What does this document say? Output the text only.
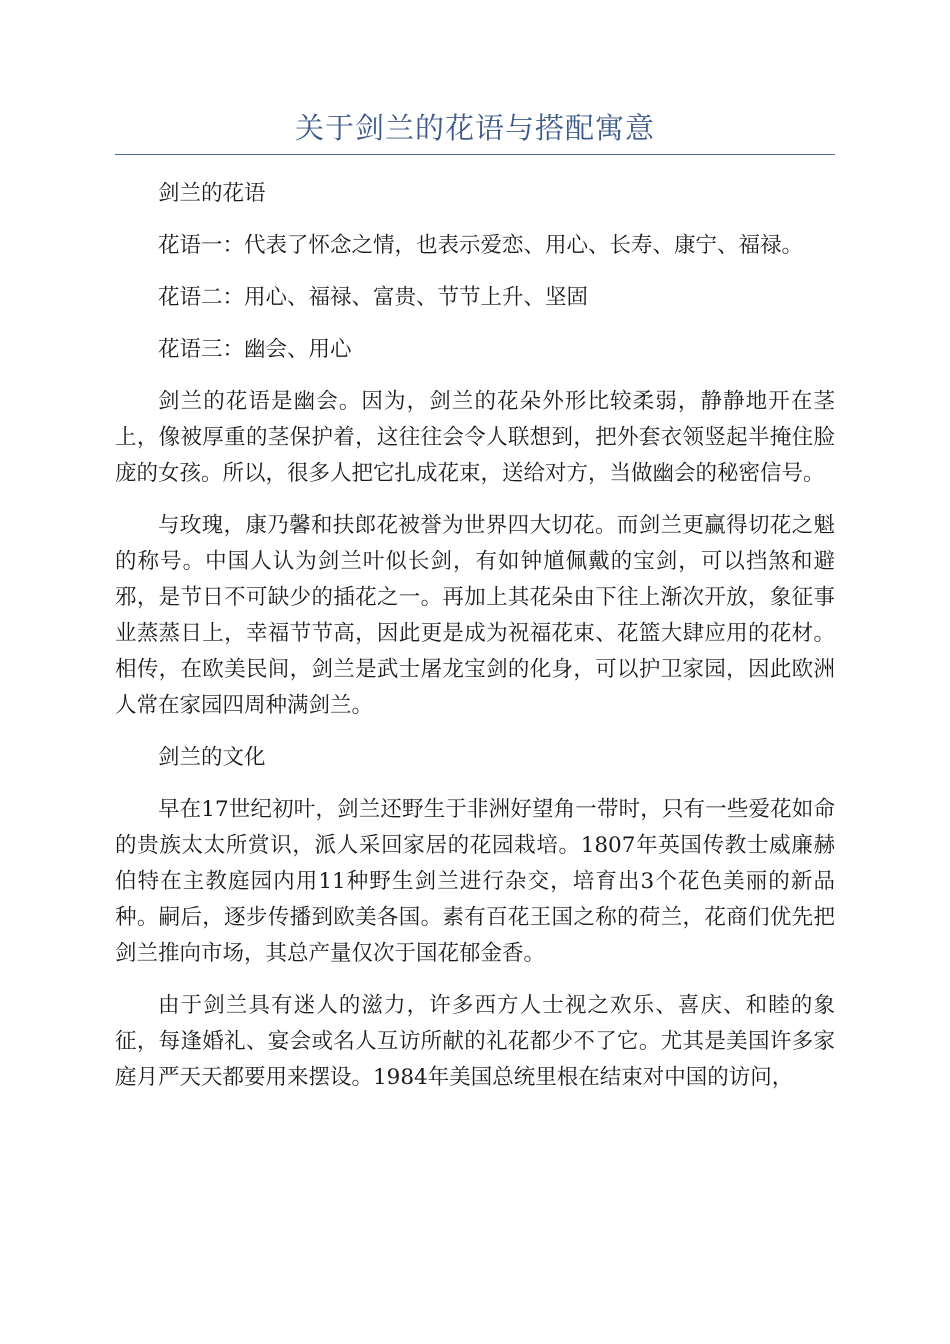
关于剑兰的花语与搭配寓意

剑兰的花语

花语一：代表了怀念之情，也表示爱恋、用心、长寿、康宁、福禄。

花语二：用心、福禄、富贵、节节上升、坚固

花语三：幽会、用心

剑兰的花语是幽会。因为，剑兰的花朵外形比较柔弱，静静地开在茎上，像被厚重的茎保护着，这往往会令人联想到，把外套衣领竖起半掩住脸庞的女孩。所以，很多人把它扎成花束，送给对方，当做幽会的秘密信号。

与玫瑰，康乃馨和扶郎花被誉为世界四大切花。而剑兰更赢得切花之魁的称号。中国人认为剑兰叶似长剑，有如钟馗佩戴的宝剑，可以挡煞和避邪，是节日不可缺少的插花之一。再加上其花朵由下往上渐次开放，象征事业蒸蒸日上，幸福节节高，因此更是成为祝福花束、花篮大肆应用的花材。相传，在欧美民间，剑兰是武士屠龙宝剑的化身，可以护卫家园，因此欧洲人常在家园四周种满剑兰。

剑兰的文化

早在17世纪初叶，剑兰还野生于非洲好望角一带时，只有一些爱花如命的贵族太太所赏识，派人采回家居的花园栽培。1807年英国传教士威廉赫伯特在主教庭园内用11种野生剑兰进行杂交，培育出3个花色美丽的新品种。嗣后，逐步传播到欧美各国。素有百花王国之称的荷兰，花商们优先把剑兰推向市场，其总产量仅次于国花郁金香。

由于剑兰具有迷人的滋力，许多西方人士视之欢乐、喜庆、和睦的象征，每逢婚礼、宴会或名人互访所献的礼花都少不了它。尤其是美国许多家庭月严天天都要用来摆设。1984年美国总统里根在结束对中国的访问，
